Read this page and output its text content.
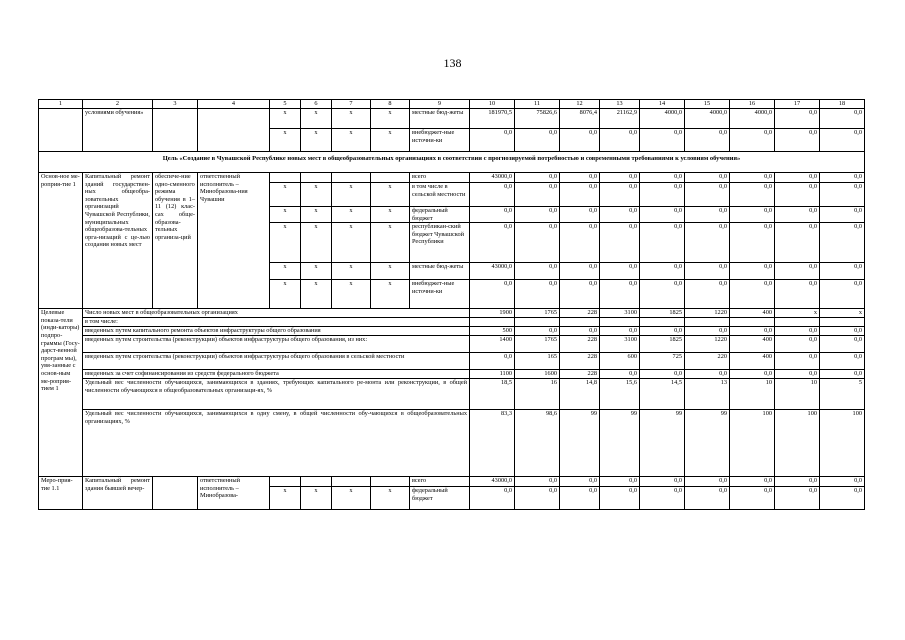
138
1	2	3	4	5	6	7	8	9	10	11	12	13	14	15	16	17	18
	условиями обучения»			x	x	x	x	местные бюд-жеты	181970,5	75826,6	8076,4	21162,9	4000,0	4000,0	4000,0	0,0	0,0
				x	x	x	x	внебюджет-ные источни-ки	0,0	0,0	0,0	0,0	0,0	0,0	0,0	0,0	0,0
Цель «Создание в Чувашской Республике новых мест в общеобразовательных организациях в соответствии с прогнозируемой потребностью и современными требованиями к условиям обучения»																	
Основ-ное ме-роприя-тие 1	Капитальный ремонт зданий государствен-ных общеобра-зовательных организаций Чувашской Республики, муниципальных общеобразова-тельных орга-низаций с це-лью создания новых мест	обеспече-ние одно-сменного режима обучения в 1–11 (12) клас-сах обще-образова-тельных организа-ций	ответственный исполнитель – Минобразова-ния Чувашии					всего	43000,0	0,0	0,0	0,0	0,0	0,0	0,0	0,0	0,0
				x	x	x	x	в том числе в сельской местности	0,0	0,0	0,0	0,0	0,0	0,0	0,0	0,0	0,0
				x	x	x	x	федеральный бюджет	0,0	0,0	0,0	0,0	0,0	0,0	0,0	0,0	0,0
				x	x	x	x	республикан-ский бюджет Чувашской Республики	0,0	0,0	0,0	0,0	0,0	0,0	0,0	0,0	0,0
				x	x	x	x	местные бюд-жеты	43000,0	0,0	0,0	0,0	0,0	0,0	0,0	0,0	0,0
				x	x	x	x	внебюджет-ные источни-ки	0,0	0,0	0,0	0,0	0,0	0,0	0,0	0,0	0,0
Целевые показа-тели (инди-каторы) подпро-граммы (Госу-дарст-венной програм мы), увя-занные с основ-ным ме-роприя-тием 1	Число новых мест в общеобразовательных организациях								1900	1765	228	3100	1825	1220	400	x	x
	в том числе:																
	введенных путем капитального ремонта объектов инфраструктуры общего образования								500	0,0	0,0	0,0	0,0	0,0	0,0	0,0	0,0
	введенных путем строительства (реконструкции) объектов инфраструктуры общего образования, из них:								1400	1765	228	3100	1825	1220	400	0,0	0,0
	введенных путем строительства (реконструкции) объектов инфраструктуры общего образования в сельской местности								0,0	165	228	600	725	220	400	0,0	0,0
	введенных за счет софинансирования из средств федерального бюджета								1100	1600	228	0,0	0,0	0,0	0,0	0,0	0,0
	Удельный вес численности обучающихся, занимающихся в зданиях, требующих капитального ре-монта или реконструкции, в общей численности обучающихся в общеобразовательных организаци-ях, %								18,5	16	14,8	15,6	14,5	13	10	10	5
	Удельный вес численности обучающихся, занимающихся в одну смену, в общей численности обу-чающихся в общеобразовательных организациях, %								83,3	98,6	99	99	99	99	100	100	100
Меро-прия-тие 1.1	Капитальный ремонт здания бывшей вечер-		ответственный исполнитель – Минобразова-					всего	43000,0	0,0	0,0	0,0	0,0	0,0	0,0	0,0	0,0
				x	x	x	x	федеральный бюджет	0,0	0,0	0,0	0,0	0,0	0,0	0,0	0,0	0,0
